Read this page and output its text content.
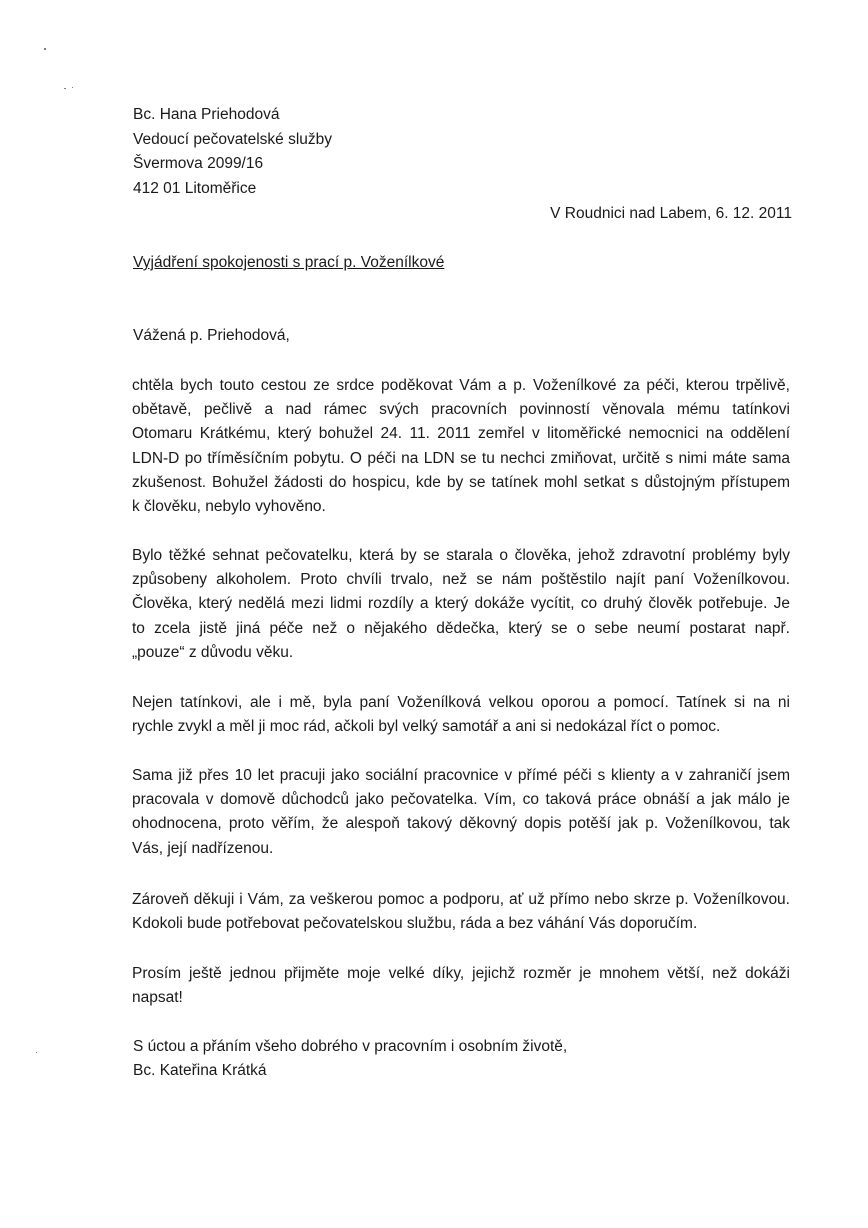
Bc. Hana Priehodová
Vedoucí pečovatelské služby
Švermova 2099/16
412 01 Litoměřice
V Roudnici nad Labem, 6. 12. 2011
Vyjádření spokojenosti s prací p. Voženílkové
Vážená p. Priehodová,
chtěla bych touto cestou ze srdce poděkovat Vám a p. Voženílkové za péči, kterou trpělivě,
obětavě, pečlivě a nad rámec svých pracovních povinností věnovala mému tatínkovi
Otomaru Krátkému, který bohužel 24. 11. 2011 zemřel v litoměřické nemocnici na oddělení
LDN-D po tříměsíčním pobytu. O péči na LDN se tu nechci zmiňovat, určitě s nimi máte sama
zkušenost. Bohužel žádosti do hospicu, kde by se tatínek mohl setkat s důstojným přístupem
k člověku, nebylo vyhověno.
Bylo těžké sehnat pečovatelku, která by se starala o člověka, jehož zdravotní problémy byly
způsobeny alkoholem. Proto chvíli trvalo, než se nám poštěstilo najít paní Voženílkovou.
Člověka, který nedělá mezi lidmi rozdíly a který dokáže vycítit, co druhý člověk potřebuje. Je
to zcela jistě jiná péče než o nějakého dědečka, který se o sebe neumí postarat např.
„pouze“ z důvodu věku.
Nejen tatínkovi, ale i mě, byla paní Voženílková velkou oporou a pomocí. Tatínek si na ni
rychle zvykl a měl ji moc rád, ačkoli byl velký samotář a ani si nedokázal říct o pomoc.
Sama již přes 10 let pracuji jako sociální pracovnice v přímé péči s klienty a v zahraničí jsem
pracovala v domově důchodců jako pečovatelka. Vím, co taková práce obnáší a jak málo je
ohodnocena, proto věřím, že alespoň takový děkovný dopis potěší jak p. Voženílkovou, tak
Vás, její nadřízenou.
Zároveň děkuji i Vám, za veškerou pomoc a podporu, ať už přímo nebo skrze p. Voženílkovou.
Kdokoli bude potřebovat pečovatelskou službu, ráda a bez váhání Vás doporučím.
Prosím ještě jednou přijměte moje velké díky, jejichž rozměr je mnohem větší, než dokáži
napsat!
S úctou a přáním všeho dobrého v pracovním i osobním životě,
Bc. Kateřina Krátká
